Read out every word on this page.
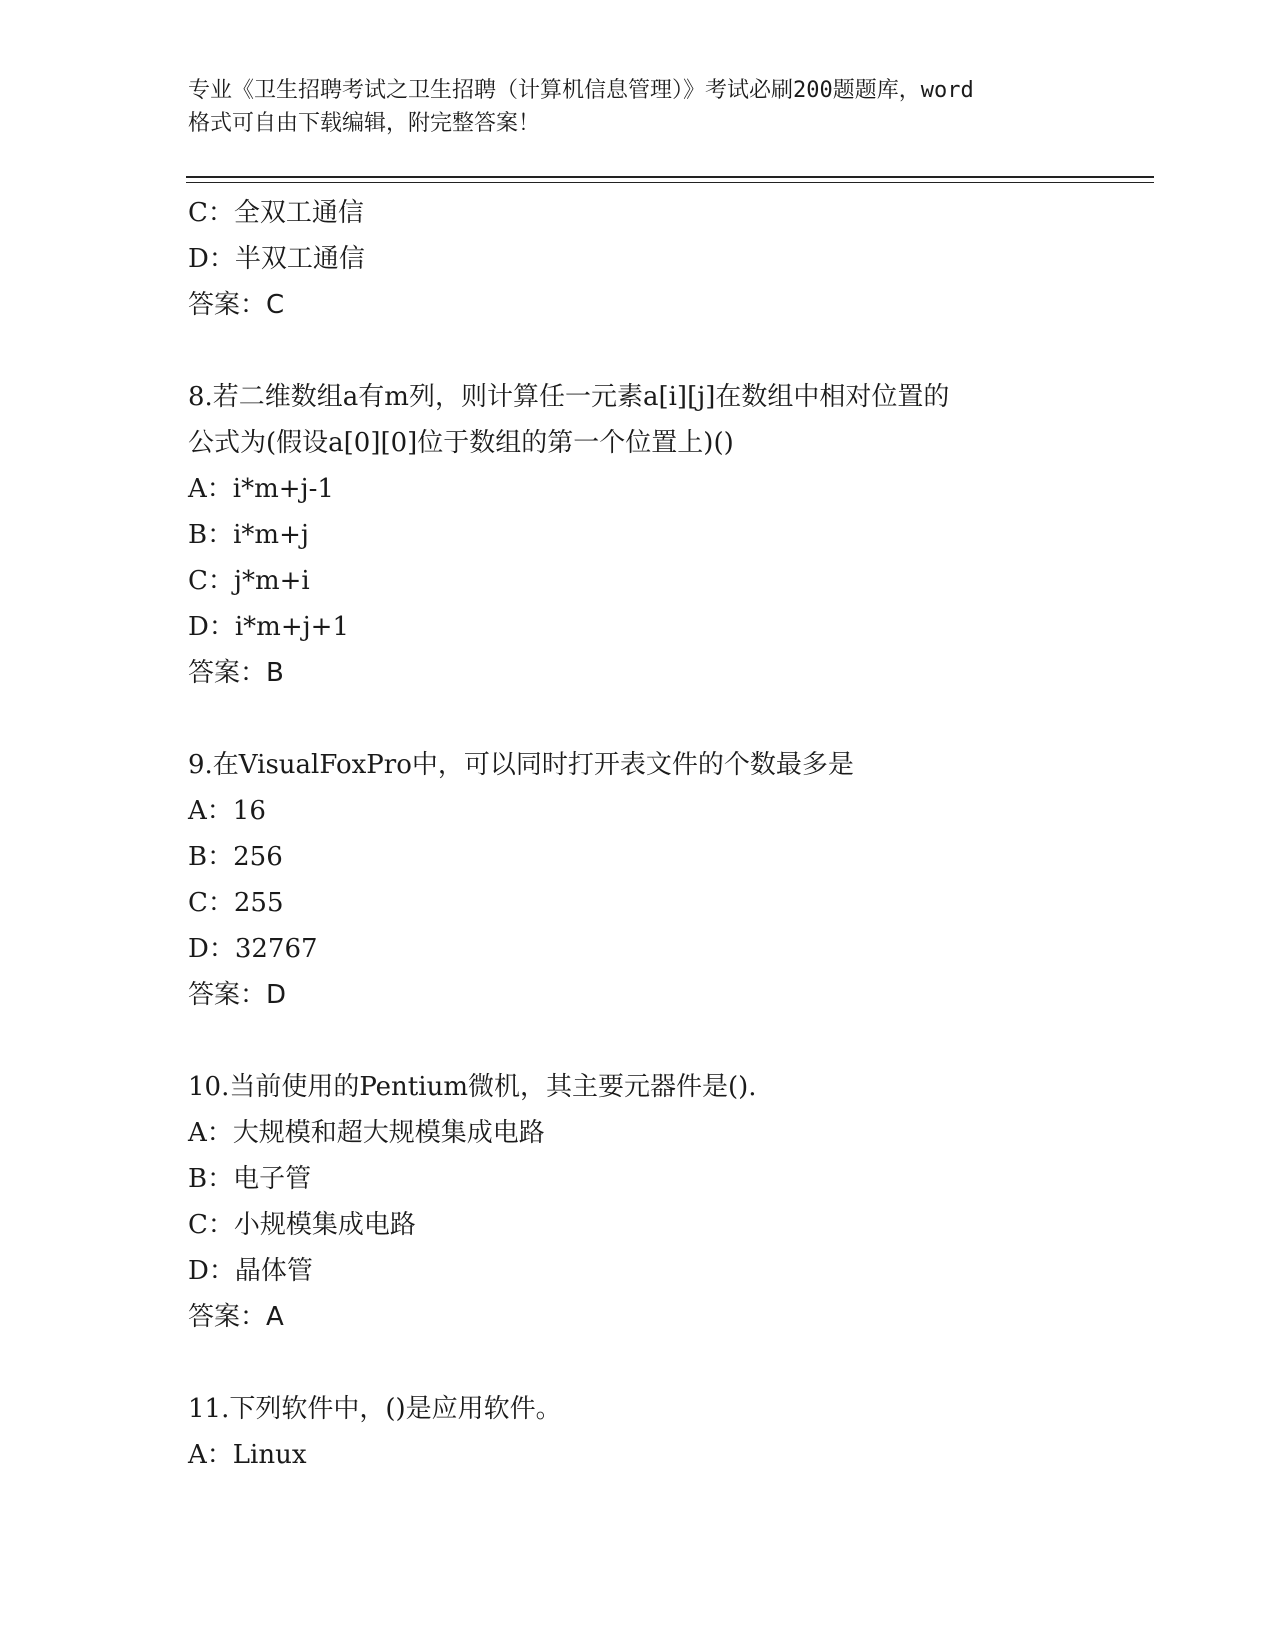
专业《卫生招聘考试之卫生招聘（计算机信息管理）》考试必刷200题题库，word
格式可自由下载编辑，附完整答案！
C：全双工通信
D：半双工通信
答案：C
8.若二维数组a有m列，则计算任一元素a[i][j]在数组中相对位置的
公式为(假设a[0][0]位于数组的第一个位置上)()
A：i*m+j-1
B：i*m+j
C：j*m+i
D：i*m+j+1
答案：B
9.在VisualFoxPro中，可以同时打开表文件的个数最多是
A：16
B：256
C：255
D：32767
答案：D
10.当前使用的Pentium微机，其主要元器件是().
A：大规模和超大规模集成电路
B：电子管
C：小规模集成电路
D：晶体管
答案：A
11.下列软件中，()是应用软件。
A：Linux
